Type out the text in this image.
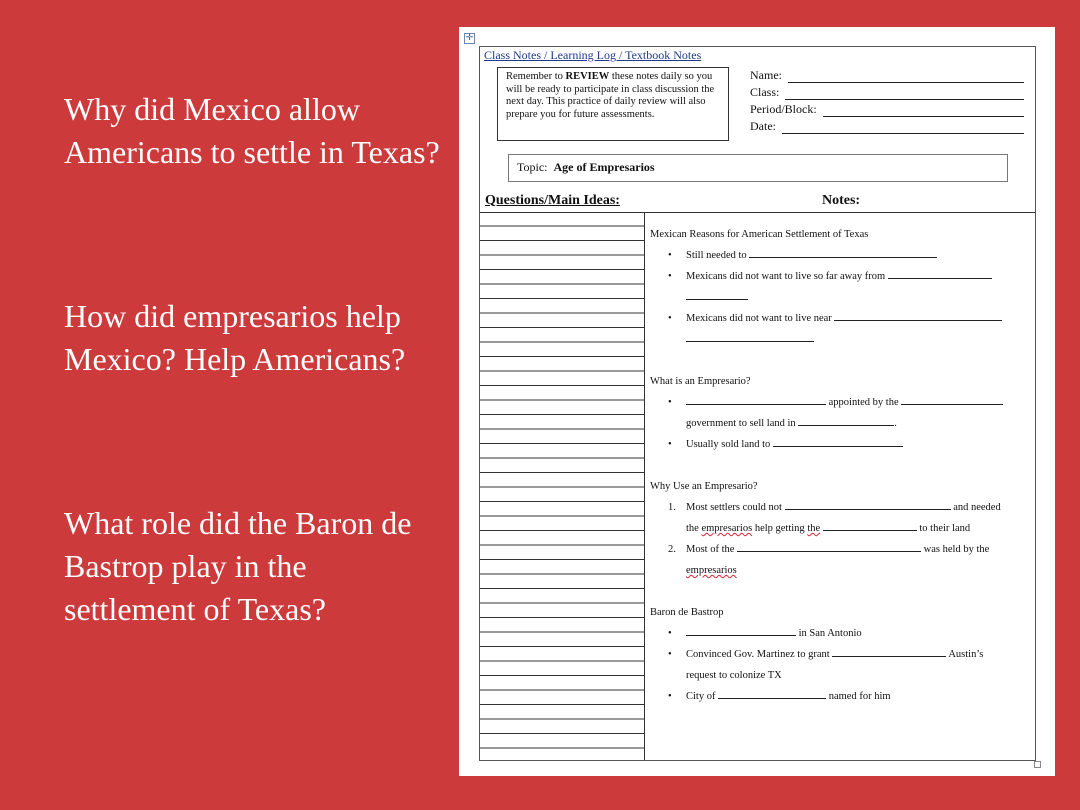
Why did Mexico allow Americans to settle in Texas?

How did empresarios help Mexico? Help Americans?

What role did the Baron de Bastrop play in the settlement of Texas?

✛
Class Notes / Learning Log / Textbook Notes
Remember to REVIEW these notes daily so you will be ready to participate in class discussion the next day. This practice of daily review will also prepare you for future assessments.
Name:
Class:
Period/Block:
Date:
Topic: Age of Empresarios
Questions/Main Ideas:	Notes:

Mexican Reasons for American Settlement of Texas

• Still needed to
• Mexicans did not want to live so far away from
• Mexicans did not want to live near

What is an Empresario?

•	appointed by the
government to sell land in	.
• Usually sold land to

Why Use an Empresario?

1. Most settlers could not	and needed
the empresarios help getting the	to their land
2. Most of the	was held by the
empresarios

Baron de Bastrop

•	in San Antonio
• Convinced Gov. Martinez to grant	Austin’s
request to colonize TX
• City of	named for him
